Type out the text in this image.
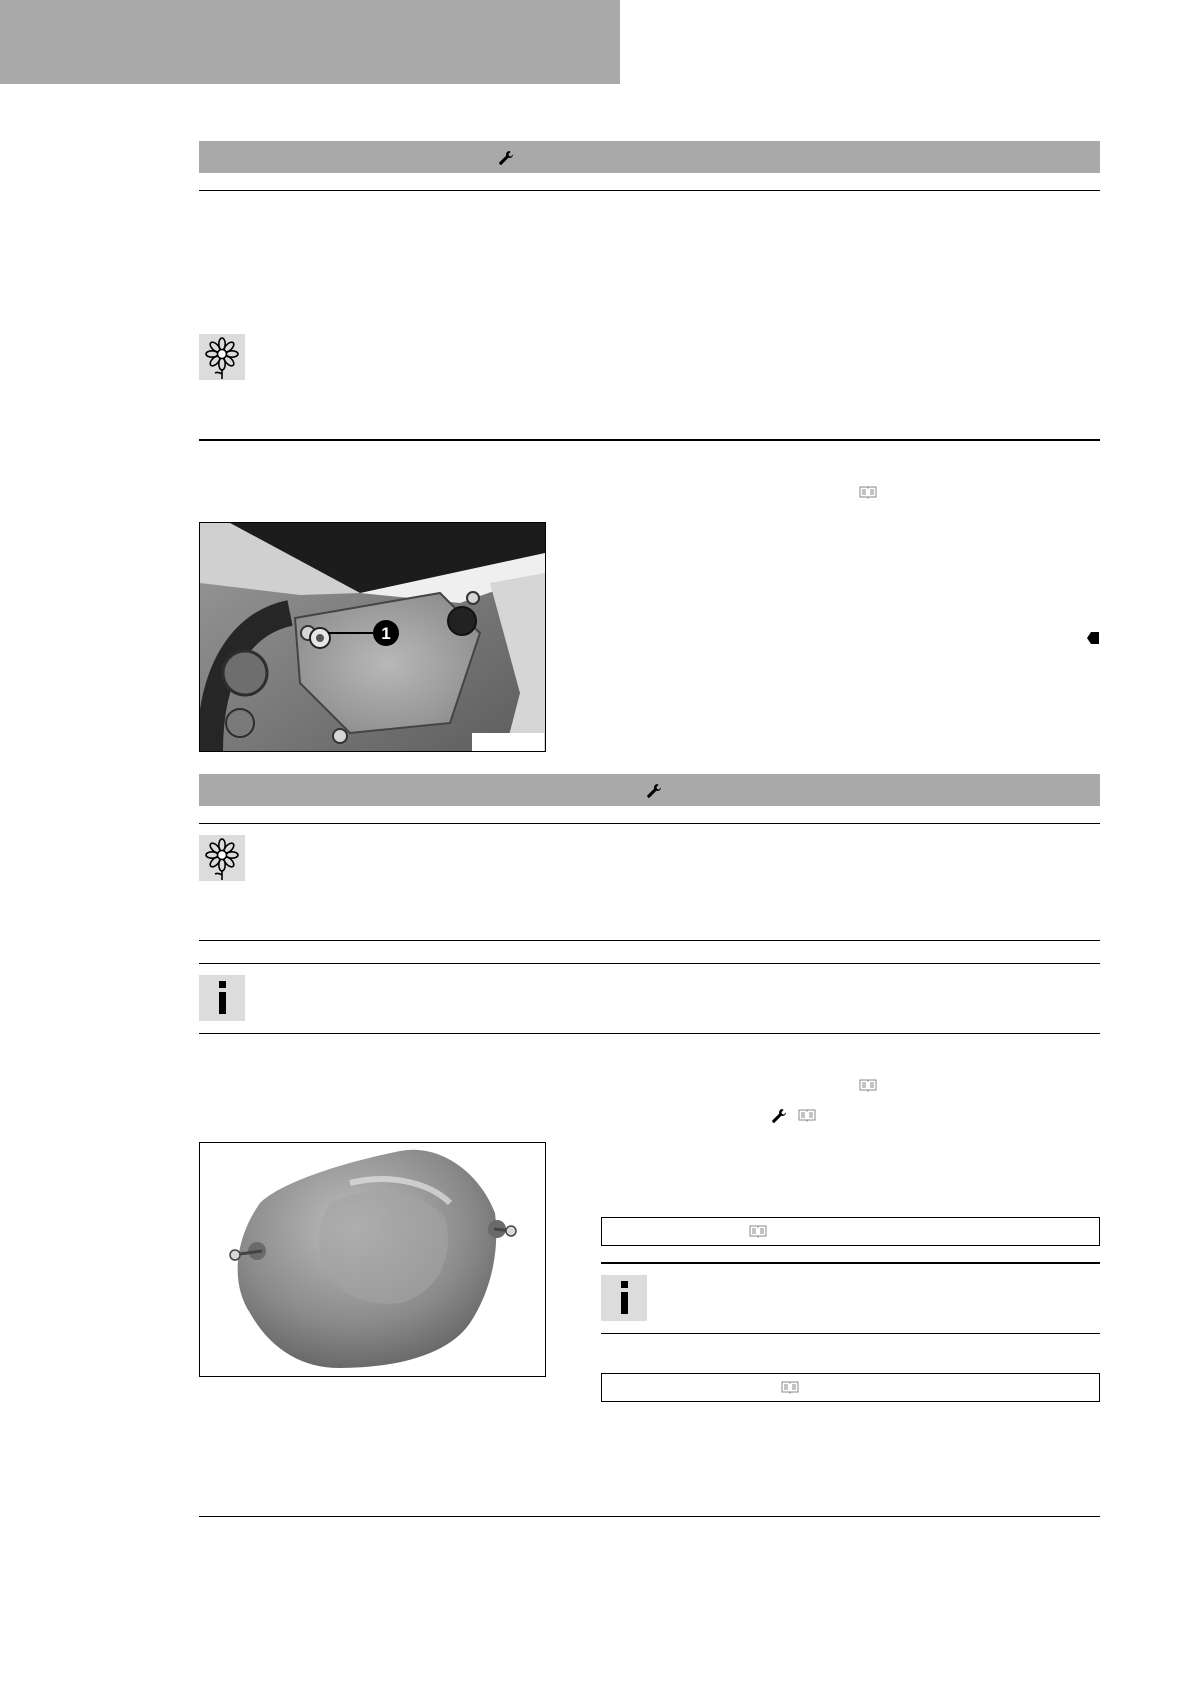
1
